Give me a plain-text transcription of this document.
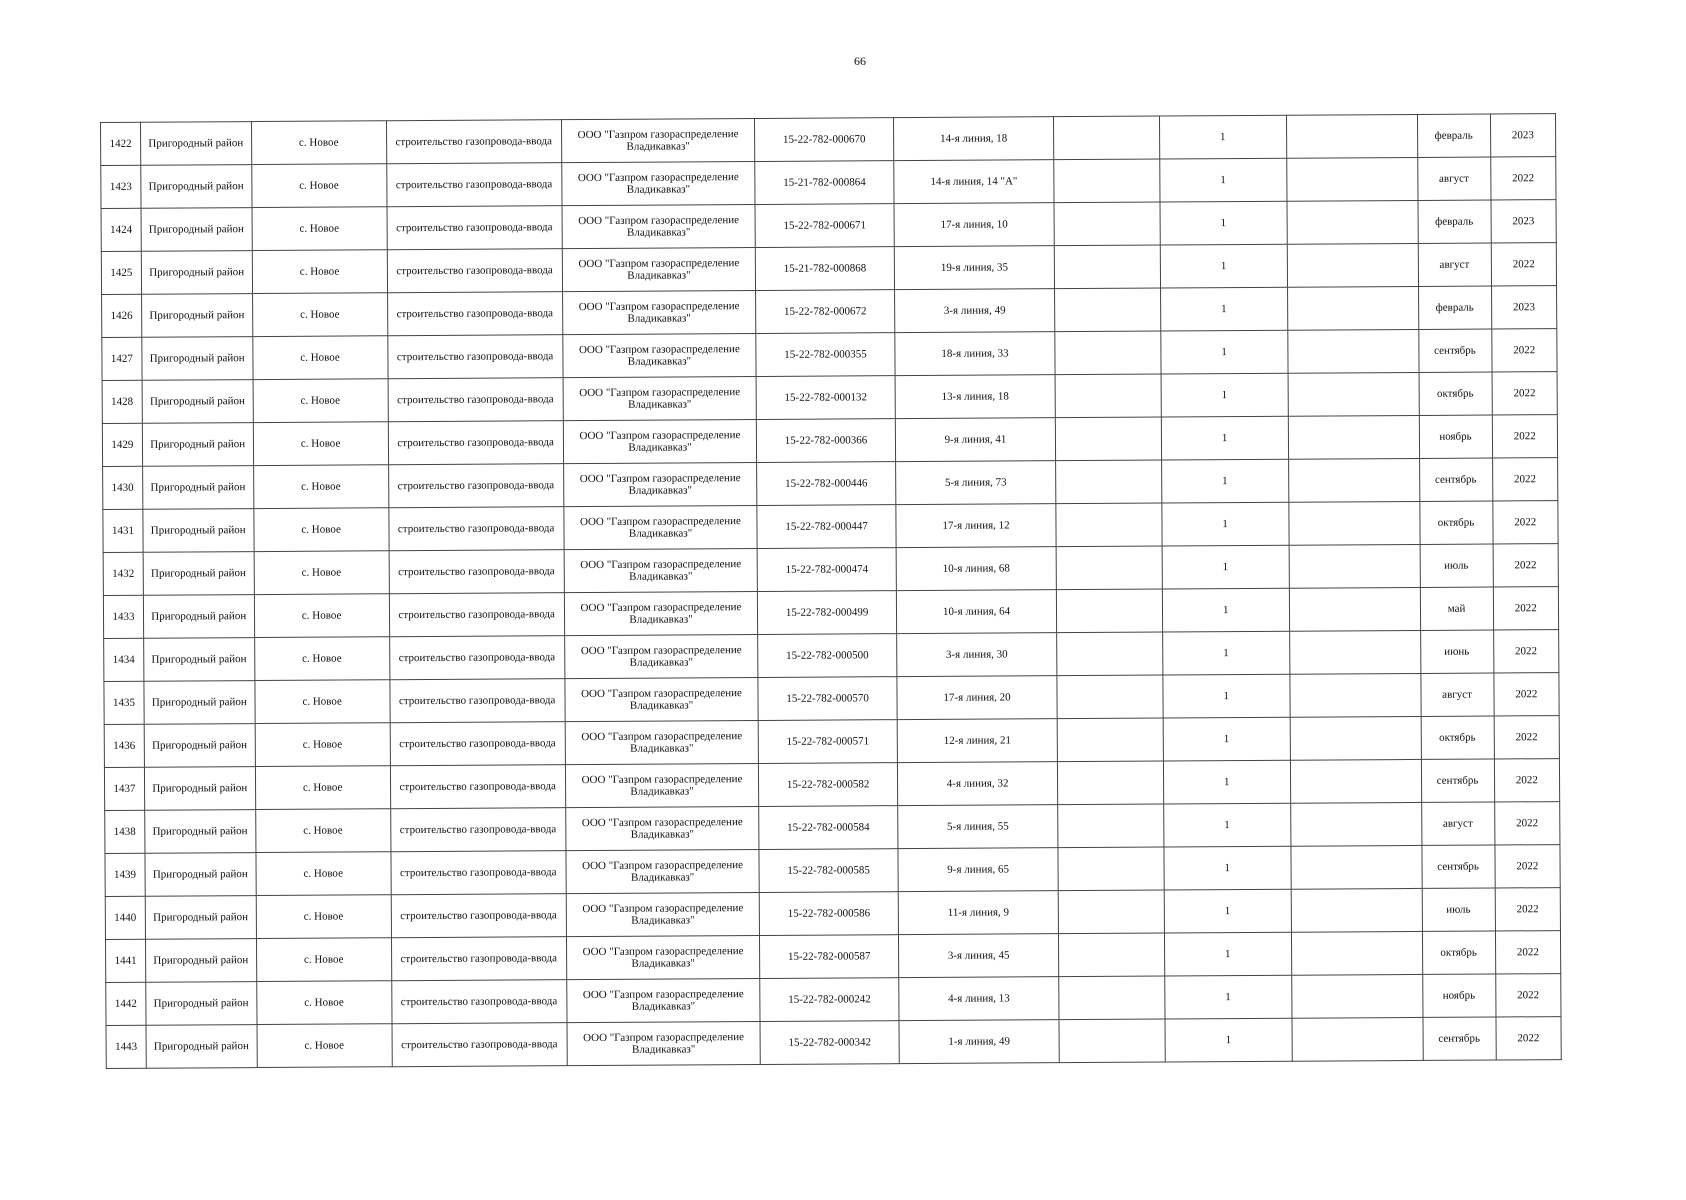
66
1422	Пригородный район	с. Новое	строительство газопровода-ввода	ООО "Газпром газораспределение Владикавказ"	15-22-782-000670	14-я линия, 18		1		февраль	2023
1423	Пригородный район	с. Новое	строительство газопровода-ввода	ООО "Газпром газораспределение Владикавказ"	15-21-782-000864	14-я линия, 14 "А"		1		август	2022
1424	Пригородный район	с. Новое	строительство газопровода-ввода	ООО "Газпром газораспределение Владикавказ"	15-22-782-000671	17-я линия, 10		1		февраль	2023
1425	Пригородный район	с. Новое	строительство газопровода-ввода	ООО "Газпром газораспределение Владикавказ"	15-21-782-000868	19-я линия, 35		1		август	2022
1426	Пригородный район	с. Новое	строительство газопровода-ввода	ООО "Газпром газораспределение Владикавказ"	15-22-782-000672	3-я линия, 49		1		февраль	2023
1427	Пригородный район	с. Новое	строительство газопровода-ввода	ООО "Газпром газораспределение Владикавказ"	15-22-782-000355	18-я линия, 33		1		сентябрь	2022
1428	Пригородный район	с. Новое	строительство газопровода-ввода	ООО "Газпром газораспределение Владикавказ"	15-22-782-000132	13-я линия, 18		1		октябрь	2022
1429	Пригородный район	с. Новое	строительство газопровода-ввода	ООО "Газпром газораспределение Владикавказ"	15-22-782-000366	9-я линия, 41		1		ноябрь	2022
1430	Пригородный район	с. Новое	строительство газопровода-ввода	ООО "Газпром газораспределение Владикавказ"	15-22-782-000446	5-я линия, 73		1		сентябрь	2022
1431	Пригородный район	с. Новое	строительство газопровода-ввода	ООО "Газпром газораспределение Владикавказ"	15-22-782-000447	17-я линия, 12		1		октябрь	2022
1432	Пригородный район	с. Новое	строительство газопровода-ввода	ООО "Газпром газораспределение Владикавказ"	15-22-782-000474	10-я линия, 68		1		июль	2022
1433	Пригородный район	с. Новое	строительство газопровода-ввода	ООО "Газпром газораспределение Владикавказ"	15-22-782-000499	10-я линия, 64		1		май	2022
1434	Пригородный район	с. Новое	строительство газопровода-ввода	ООО "Газпром газораспределение Владикавказ"	15-22-782-000500	3-я линия, 30		1		июнь	2022
1435	Пригородный район	с. Новое	строительство газопровода-ввода	ООО "Газпром газораспределение Владикавказ"	15-22-782-000570	17-я линия, 20		1		август	2022
1436	Пригородный район	с. Новое	строительство газопровода-ввода	ООО "Газпром газораспределение Владикавказ"	15-22-782-000571	12-я линия, 21		1		октябрь	2022
1437	Пригородный район	с. Новое	строительство газопровода-ввода	ООО "Газпром газораспределение Владикавказ"	15-22-782-000582	4-я линия, 32		1		сентябрь	2022
1438	Пригородный район	с. Новое	строительство газопровода-ввода	ООО "Газпром газораспределение Владикавказ"	15-22-782-000584	5-я линия, 55		1		август	2022
1439	Пригородный район	с. Новое	строительство газопровода-ввода	ООО "Газпром газораспределение Владикавказ"	15-22-782-000585	9-я линия, 65		1		сентябрь	2022
1440	Пригородный район	с. Новое	строительство газопровода-ввода	ООО "Газпром газораспределение Владикавказ"	15-22-782-000586	11-я линия, 9		1		июль	2022
1441	Пригородный район	с. Новое	строительство газопровода-ввода	ООО "Газпром газораспределение Владикавказ"	15-22-782-000587	3-я линия, 45		1		октябрь	2022
1442	Пригородный район	с. Новое	строительство газопровода-ввода	ООО "Газпром газораспределение Владикавказ"	15-22-782-000242	4-я линия, 13		1		ноябрь	2022
1443	Пригородный район	с. Новое	строительство газопровода-ввода	ООО "Газпром газораспределение Владикавказ"	15-22-782-000342	1-я линия, 49		1		сентябрь	2022
